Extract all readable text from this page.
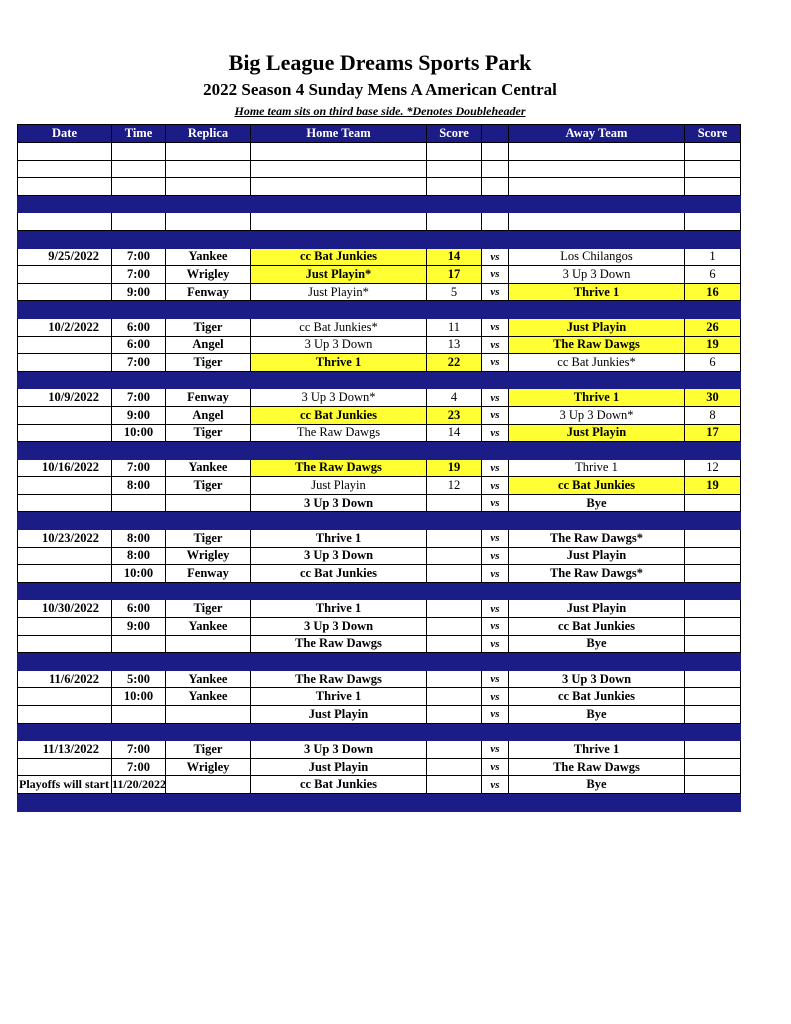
Big League Dreams Sports Park
2022 Season 4 Sunday Mens A American Central
Home team sits on third base side. *Denotes Doubleheader
Date	Time	Replica	Home Team	Score		Away Team	Score

9/25/2022	7:00	Yankee	cc Bat Junkies	14	vs	Los Chilangos	1
	7:00	Wrigley	Just Playin*	17	vs	3 Up 3 Down	6
	9:00	Fenway	Just Playin*	5	vs	Thrive 1	16

10/2/2022	6:00	Tiger	cc Bat Junkies*	11	vs	Just Playin	26
	6:00	Angel	3 Up 3 Down	13	vs	The Raw Dawgs	19
	7:00	Tiger	Thrive 1	22	vs	cc Bat Junkies*	6

10/9/2022	7:00	Fenway	3 Up 3 Down*	4	vs	Thrive 1	30
	9:00	Angel	cc Bat Junkies	23	vs	3 Up 3 Down*	8
	10:00	Tiger	The Raw Dawgs	14	vs	Just Playin	17

10/16/2022	7:00	Yankee	The Raw Dawgs	19	vs	Thrive 1	12
	8:00	Tiger	Just Playin	12	vs	cc Bat Junkies	19
			3 Up 3 Down		vs	Bye	

10/23/2022	8:00	Tiger	Thrive 1		vs	The Raw Dawgs*	
	8:00	Wrigley	3 Up 3 Down		vs	Just Playin	
	10:00	Fenway	cc Bat Junkies		vs	The Raw Dawgs*	

10/30/2022	6:00	Tiger	Thrive 1		vs	Just Playin	
	9:00	Yankee	3 Up 3 Down		vs	cc Bat Junkies	
			The Raw Dawgs		vs	Bye	

11/6/2022	5:00	Yankee	The Raw Dawgs		vs	3 Up 3 Down	
	10:00	Yankee	Thrive 1		vs	cc Bat Junkies	
			Just Playin		vs	Bye	

11/13/2022	7:00	Tiger	3 Up 3 Down		vs	Thrive 1	
	7:00	Wrigley	Just Playin		vs	The Raw Dawgs	
			cc Bat Junkies		vs	Bye	

Playoffs will start 11/20/2022
